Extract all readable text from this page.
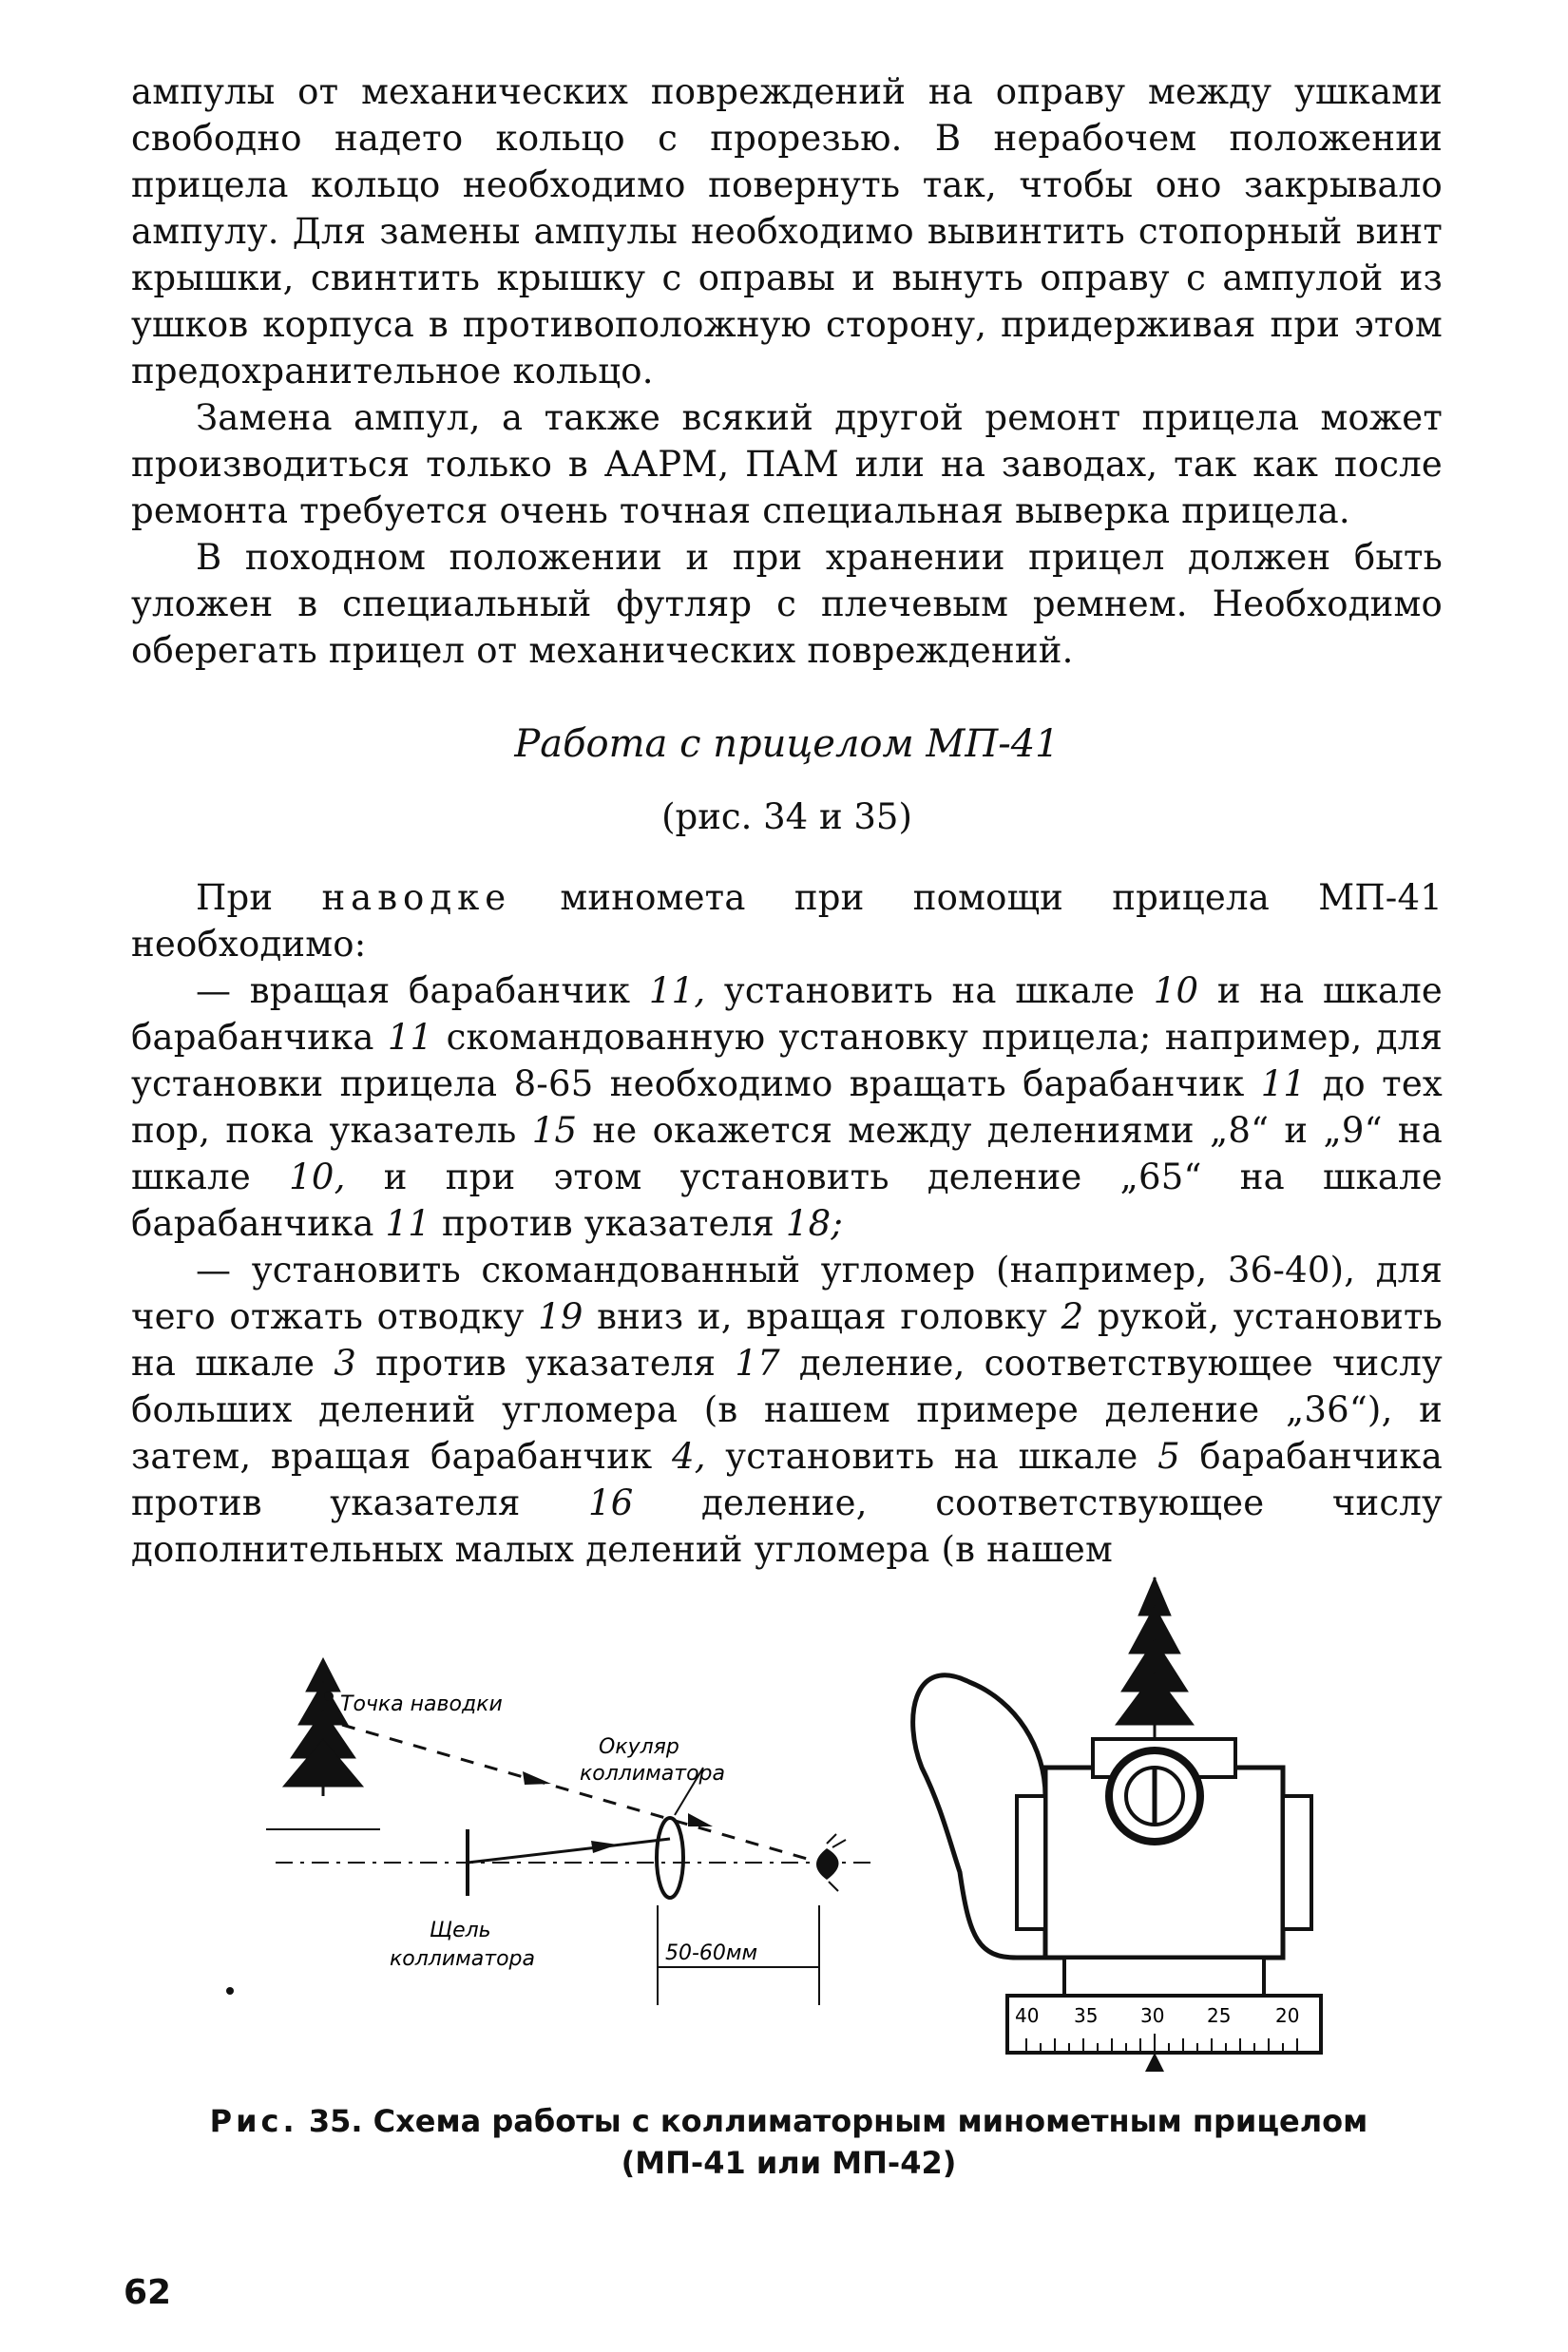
ампулы от механических повреждений на оправу между ушками свободно надето кольцо с прорезью. В нерабочем положении прицела кольцо необходимо повернуть так, чтобы оно закрывало ампулу. Для замены ампулы необходимо вывинтить стопорный винт крышки, свинтить крышку с оправы и вынуть оправу с ампулой из ушков корпуса в противоположную сторону, придерживая при этом предохранительное кольцо.

Замена ампул, а также всякий другой ремонт прицела может производиться только в ААРМ, ПАМ или на заводах, так как после ремонта требуется очень точная специальная выверка прицела.

В походном положении и при хранении прицел должен быть уложен в специальный футляр с плечевым ремнем. Необходимо оберегать прицел от механических повреждений.

Работа с прицелом МП-41

(рис. 34 и 35)

При наводке миномета при помощи прицела МП-41 необходимо:

— вращая барабанчик 11, установить на шкале 10 и на шкале барабанчика 11 скомандованную установку прицела; например, для установки прицела 8-65 необходимо вращать барабанчик 11 до тех пор, пока указатель 15 не окажется между делениями „8“ и „9“ на шкале 10, и при этом установить деление „65“ на шкале барабанчика 11 против указателя 18;

— установить скомандованный угломер (например, 36-40), для чего отжать отводку 19 вниз и, вращая головку 2 рукой, установить на шкале 3 против указателя 17 деление, соответствующее числу больших делений угломера (в нашем примере деление „36“), и затем, вращая барабанчик 4, установить на шкале 5 барабанчика против указателя 16 деление, соответствующее числу дополнительных малых делений угломера (в нашем

Точка наводки
Окуляр
коллиматора
Щель
коллиматора	50-60мм
40 35 30 25 20

Рис. 35. Схема работы с коллиматорным минометным прицелом
(МП-41 или МП-42)

62
